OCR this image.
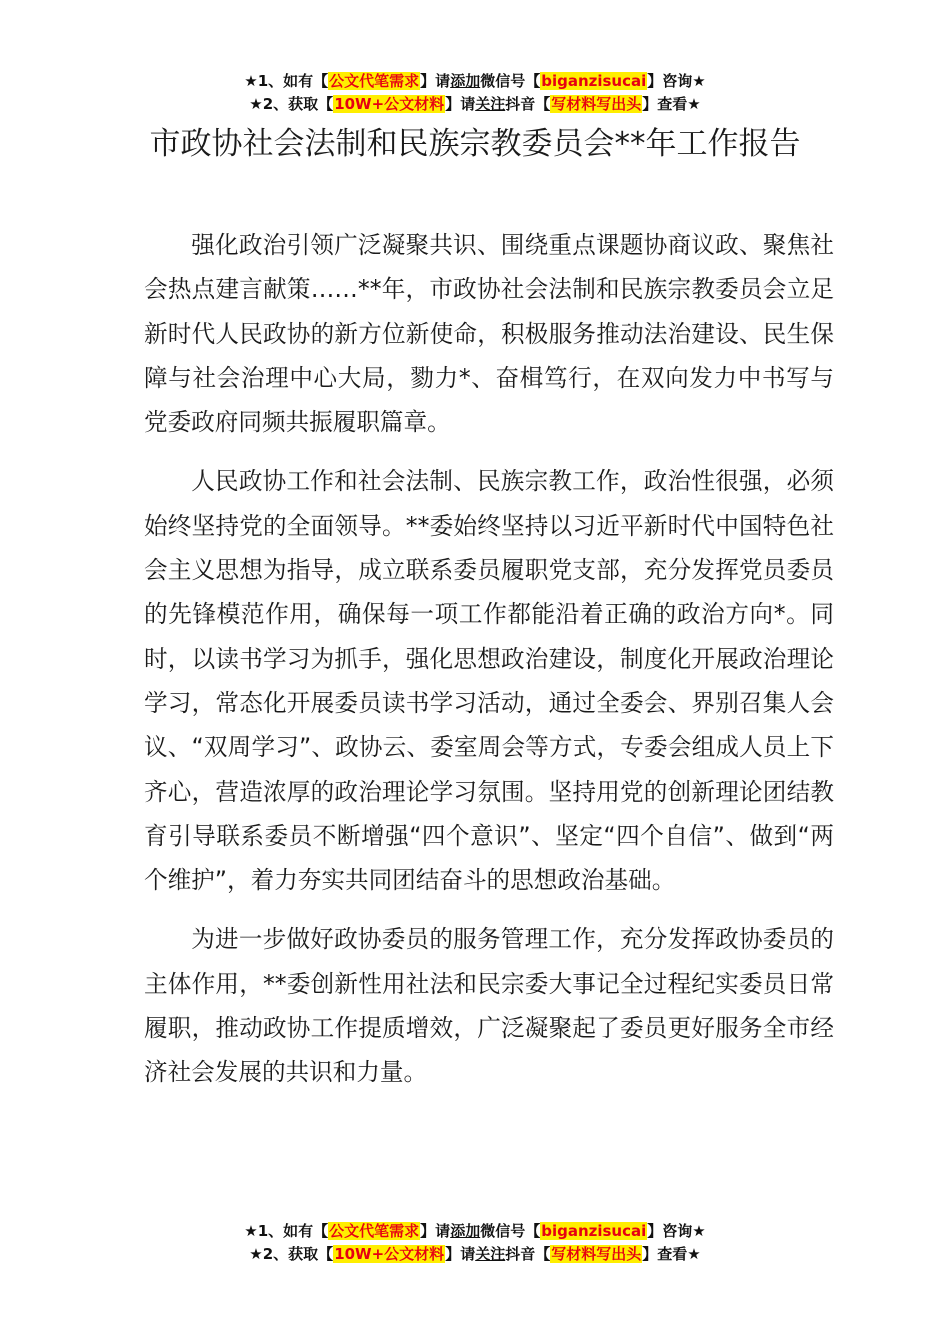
★1、如有【公文代笔需求】请添加微信号【biganzisucai】咨询★
★2、获取【10W+公文材料】请关注抖音【写材料写出头】查看★
市政协社会法制和民族宗教委员会**年工作报告

强化政治引领广泛凝聚共识、围绕重点课题协商议政、聚焦社会热点建言献策……**年，市政协社会法制和民族宗教委员会立足新时代人民政协的新方位新使命，积极服务推动法治建设、民生保障与社会治理中心大局，勠力*、奋楫笃行，在双向发力中书写与党委政府同频共振履职篇章。

人民政协工作和社会法制、民族宗教工作，政治性很强，必须始终坚持党的全面领导。**委始终坚持以习近平新时代中国特色社会主义思想为指导，成立联系委员履职党支部，充分发挥党员委员的先锋模范作用，确保每一项工作都能沿着正确的政治方向*。同时，以读书学习为抓手，强化思想政治建设，制度化开展政治理论学习，常态化开展委员读书学习活动，通过全委会、界别召集人会议、“双周学习”、政协云、委室周会等方式，专委会组成人员上下齐心，营造浓厚的政治理论学习氛围。坚持用党的创新理论团结教育引导联系委员不断增强“四个意识”、坚定“四个自信”、做到“两个维护”，着力夯实共同团结奋斗的思想政治基础。

为进一步做好政协委员的服务管理工作，充分发挥政协委员的主体作用，**委创新性用社法和民宗委大事记全过程纪实委员日常履职，推动政协工作提质增效，广泛凝聚起了委员更好服务全市经济社会发展的共识和力量。

★1、如有【公文代笔需求】请添加微信号【biganzisucai】咨询★
★2、获取【10W+公文材料】请关注抖音【写材料写出头】查看★
